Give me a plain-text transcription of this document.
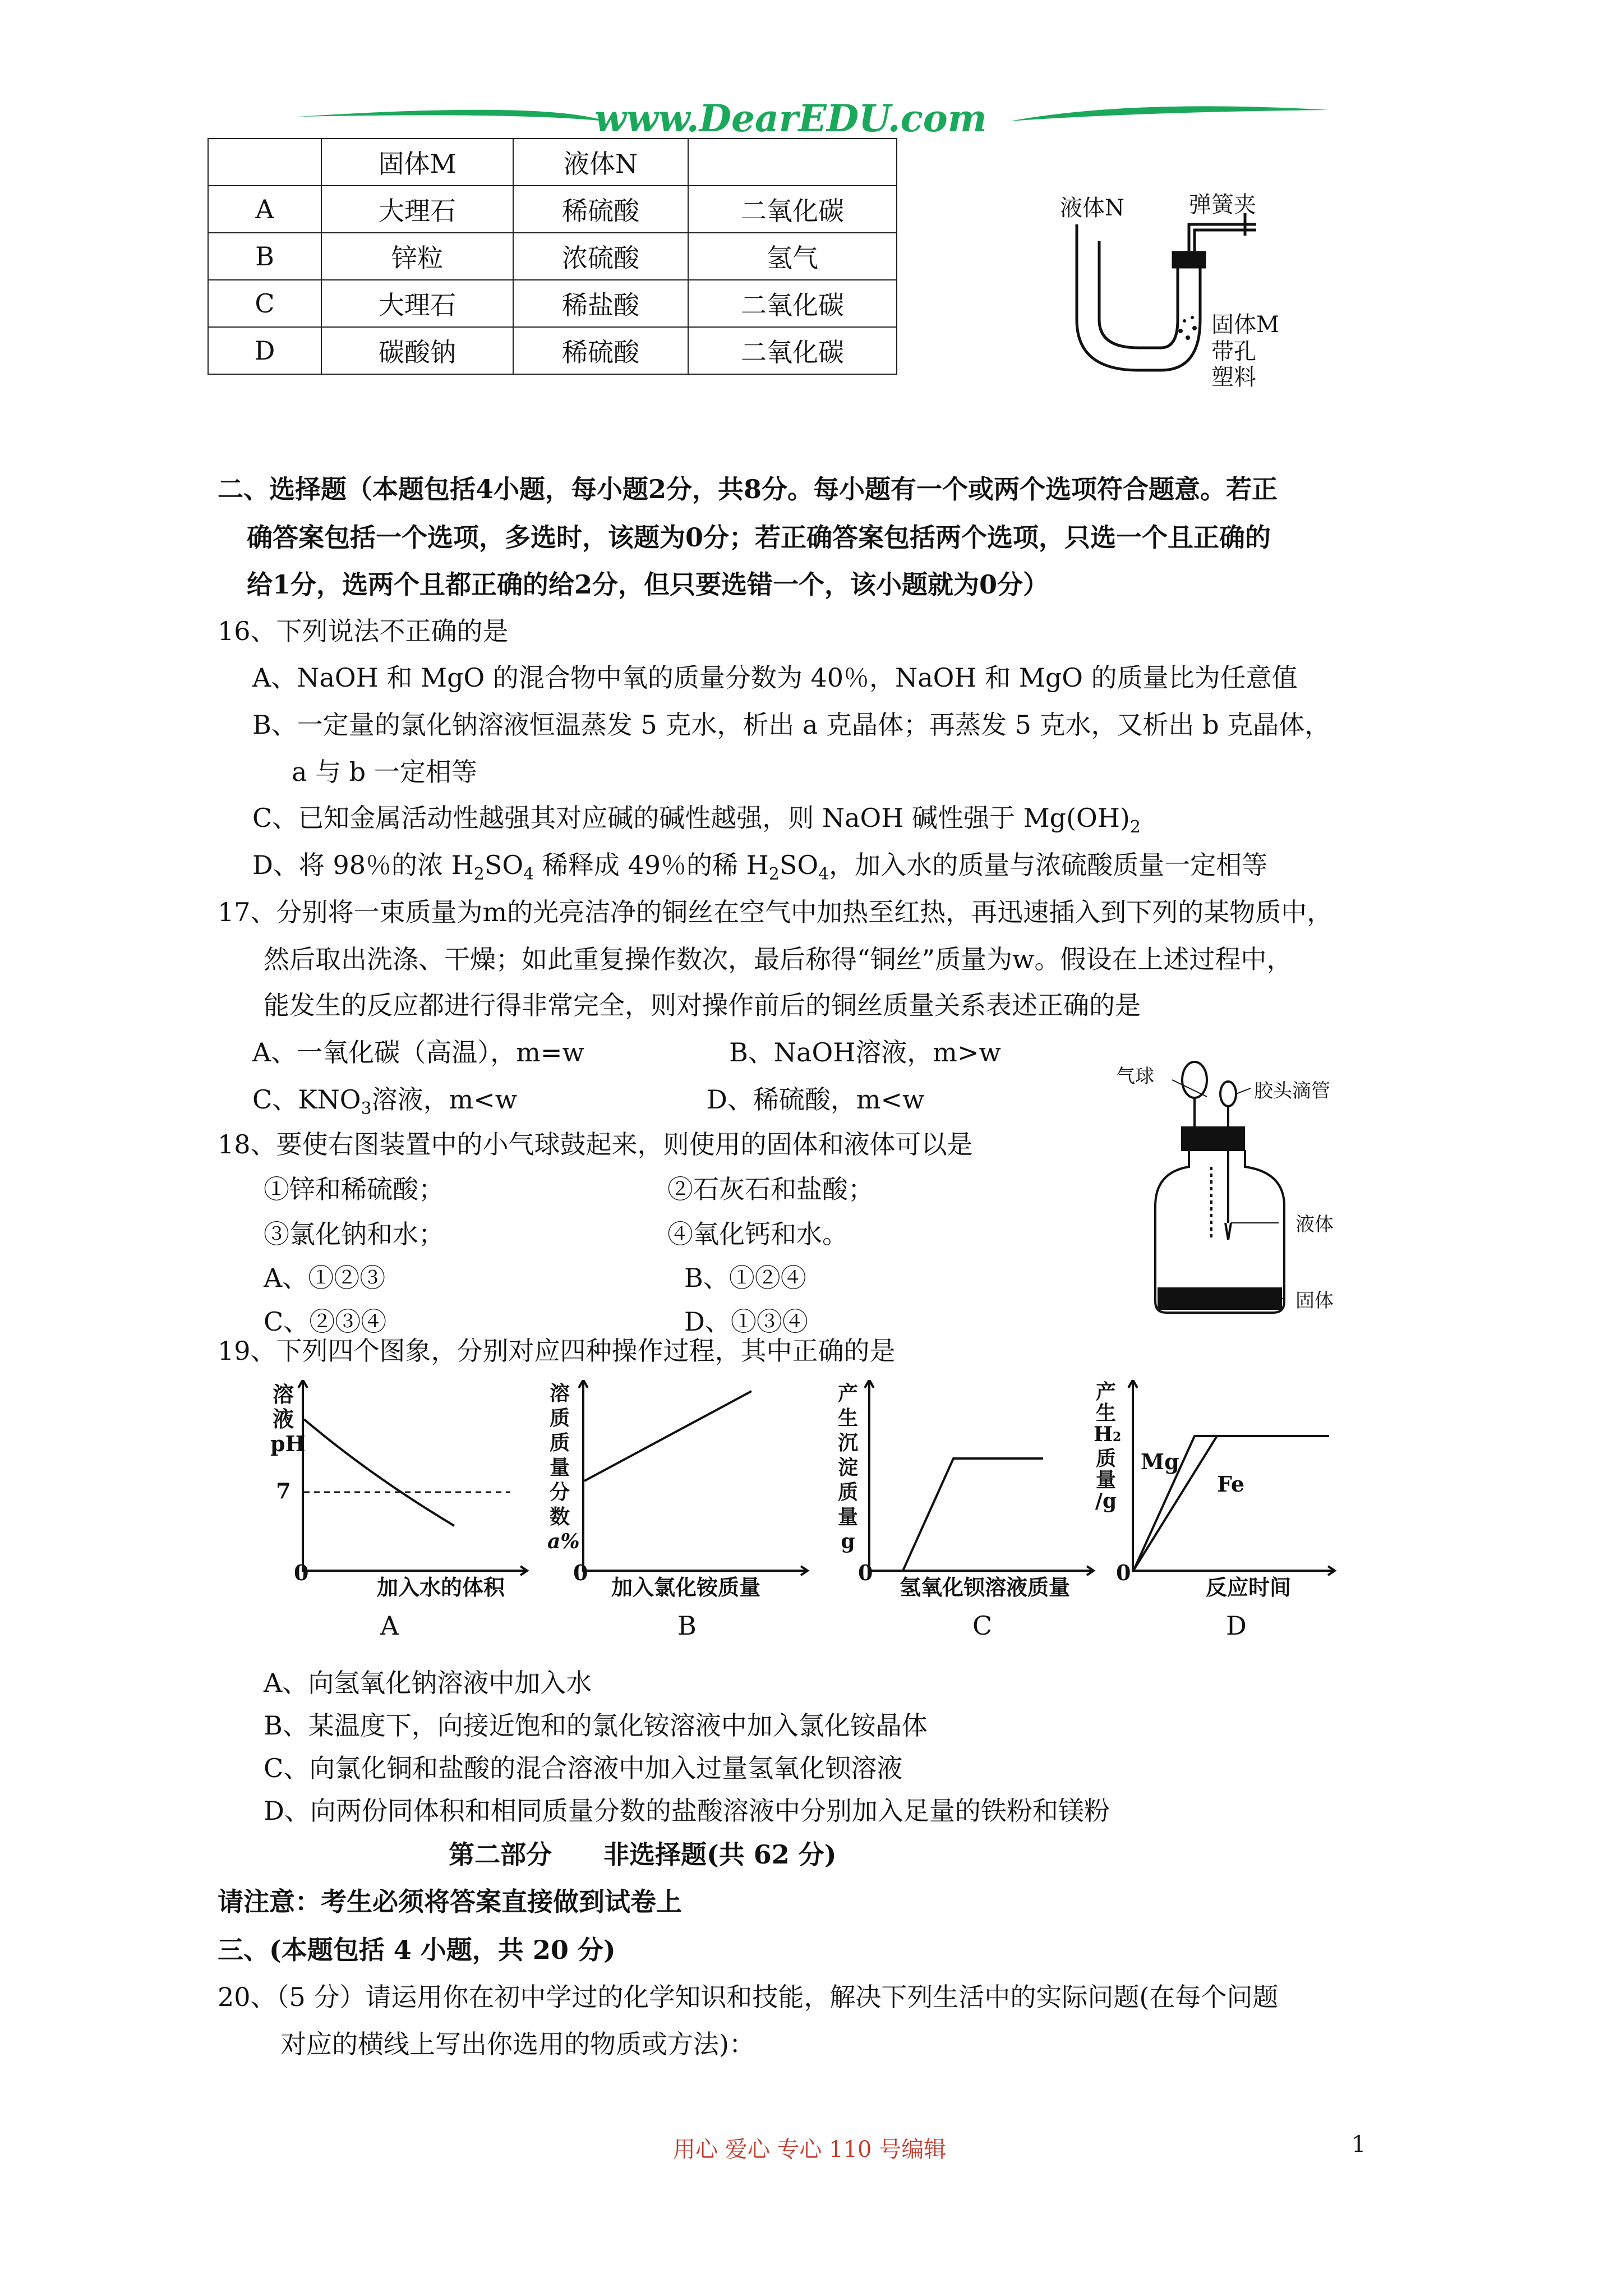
www.DearEDU.com
	固体M	液体N	
A	大理石	稀硫酸	二氧化碳
B	锌粒	浓硫酸	氢气
C	大理石	稀盐酸	二氧化碳
D	碳酸钠	稀硫酸	二氧化碳
液体N	弹簧夹
固体M
带孔
塑料
二、选择题（本题包括4小题，每小题2分，共8分。每小题有一个或两个选项符合题意。若正
确答案包括一个选项，多选时，该题为0分；若正确答案包括两个选项，只选一个且正确的
给1分，选两个且都正确的给2分，但只要选错一个，该小题就为0分）
16、下列说法不正确的是
A、NaOH 和 MgO 的混合物中氧的质量分数为 40％，NaOH 和 MgO 的质量比为任意值
B、一定量的氯化钠溶液恒温蒸发 5 克水，析出 a 克晶体；再蒸发 5 克水，又析出 b 克晶体，
a 与 b 一定相等
C、已知金属活动性越强其对应碱的碱性越强，则 NaOH 碱性强于 $Mg(OH)_2$
D、将 98％的浓 $H_2SO_4$ 稀释成 49％的稀 $H_2SO_4$，加入水的质量与浓硫酸质量一定相等
17、分别将一束质量为m的光亮洁净的铜丝在空气中加热至红热，再迅速插入到下列的某物质中，
然后取出洗涤、干燥；如此重复操作数次，最后称得“铜丝”质量为w。假设在上述过程中，
能发生的反应都进行得非常完全，则对操作前后的铜丝质量关系表述正确的是
A、一氧化碳（高温），m=w	B、NaOH溶液，m>w
C、$KNO_3$溶液，m<w	D、稀硫酸，m<w
18、要使右图装置中的小气球鼓起来，则使用的固体和液体可以是
①锌和稀硫酸；	②石灰石和盐酸；
③氯化钠和水；	④氧化钙和水。
A、①②③	B、①②④
C、②③④	D、①③④
气球
胶头滴管
液体
固体
19、下列四个图象，分别对应四种操作过程，其中正确的是
溶
液
pH
7
0
加入水的体积
A
溶质质量分数a%
0
加入氯化铵质量
B
产生沉淀质量g
0
氢氧化钡溶液质量
C
产
生
H2
质
量
/g
Mg
Fe
0
反应时间
D
A、向氢氧化钠溶液中加入水
B、某温度下，向接近饱和的氯化铵溶液中加入氯化铵晶体
C、向氯化铜和盐酸的混合溶液中加入过量氢氧化钡溶液
D、向两份同体积和相同质量分数的盐酸溶液中分别加入足量的铁粉和镁粉
第二部分　　非选择题(共 62 分)
请注意：考生必须将答案直接做到试卷上
三、(本题包括 4 小题，共 20 分)
20、（5 分）请运用你在初中学过的化学知识和技能，解决下列生活中的实际问题(在每个问题
对应的横线上写出你选用的物质或方法)：
用心 爱心 专心 110 号编辑	1
